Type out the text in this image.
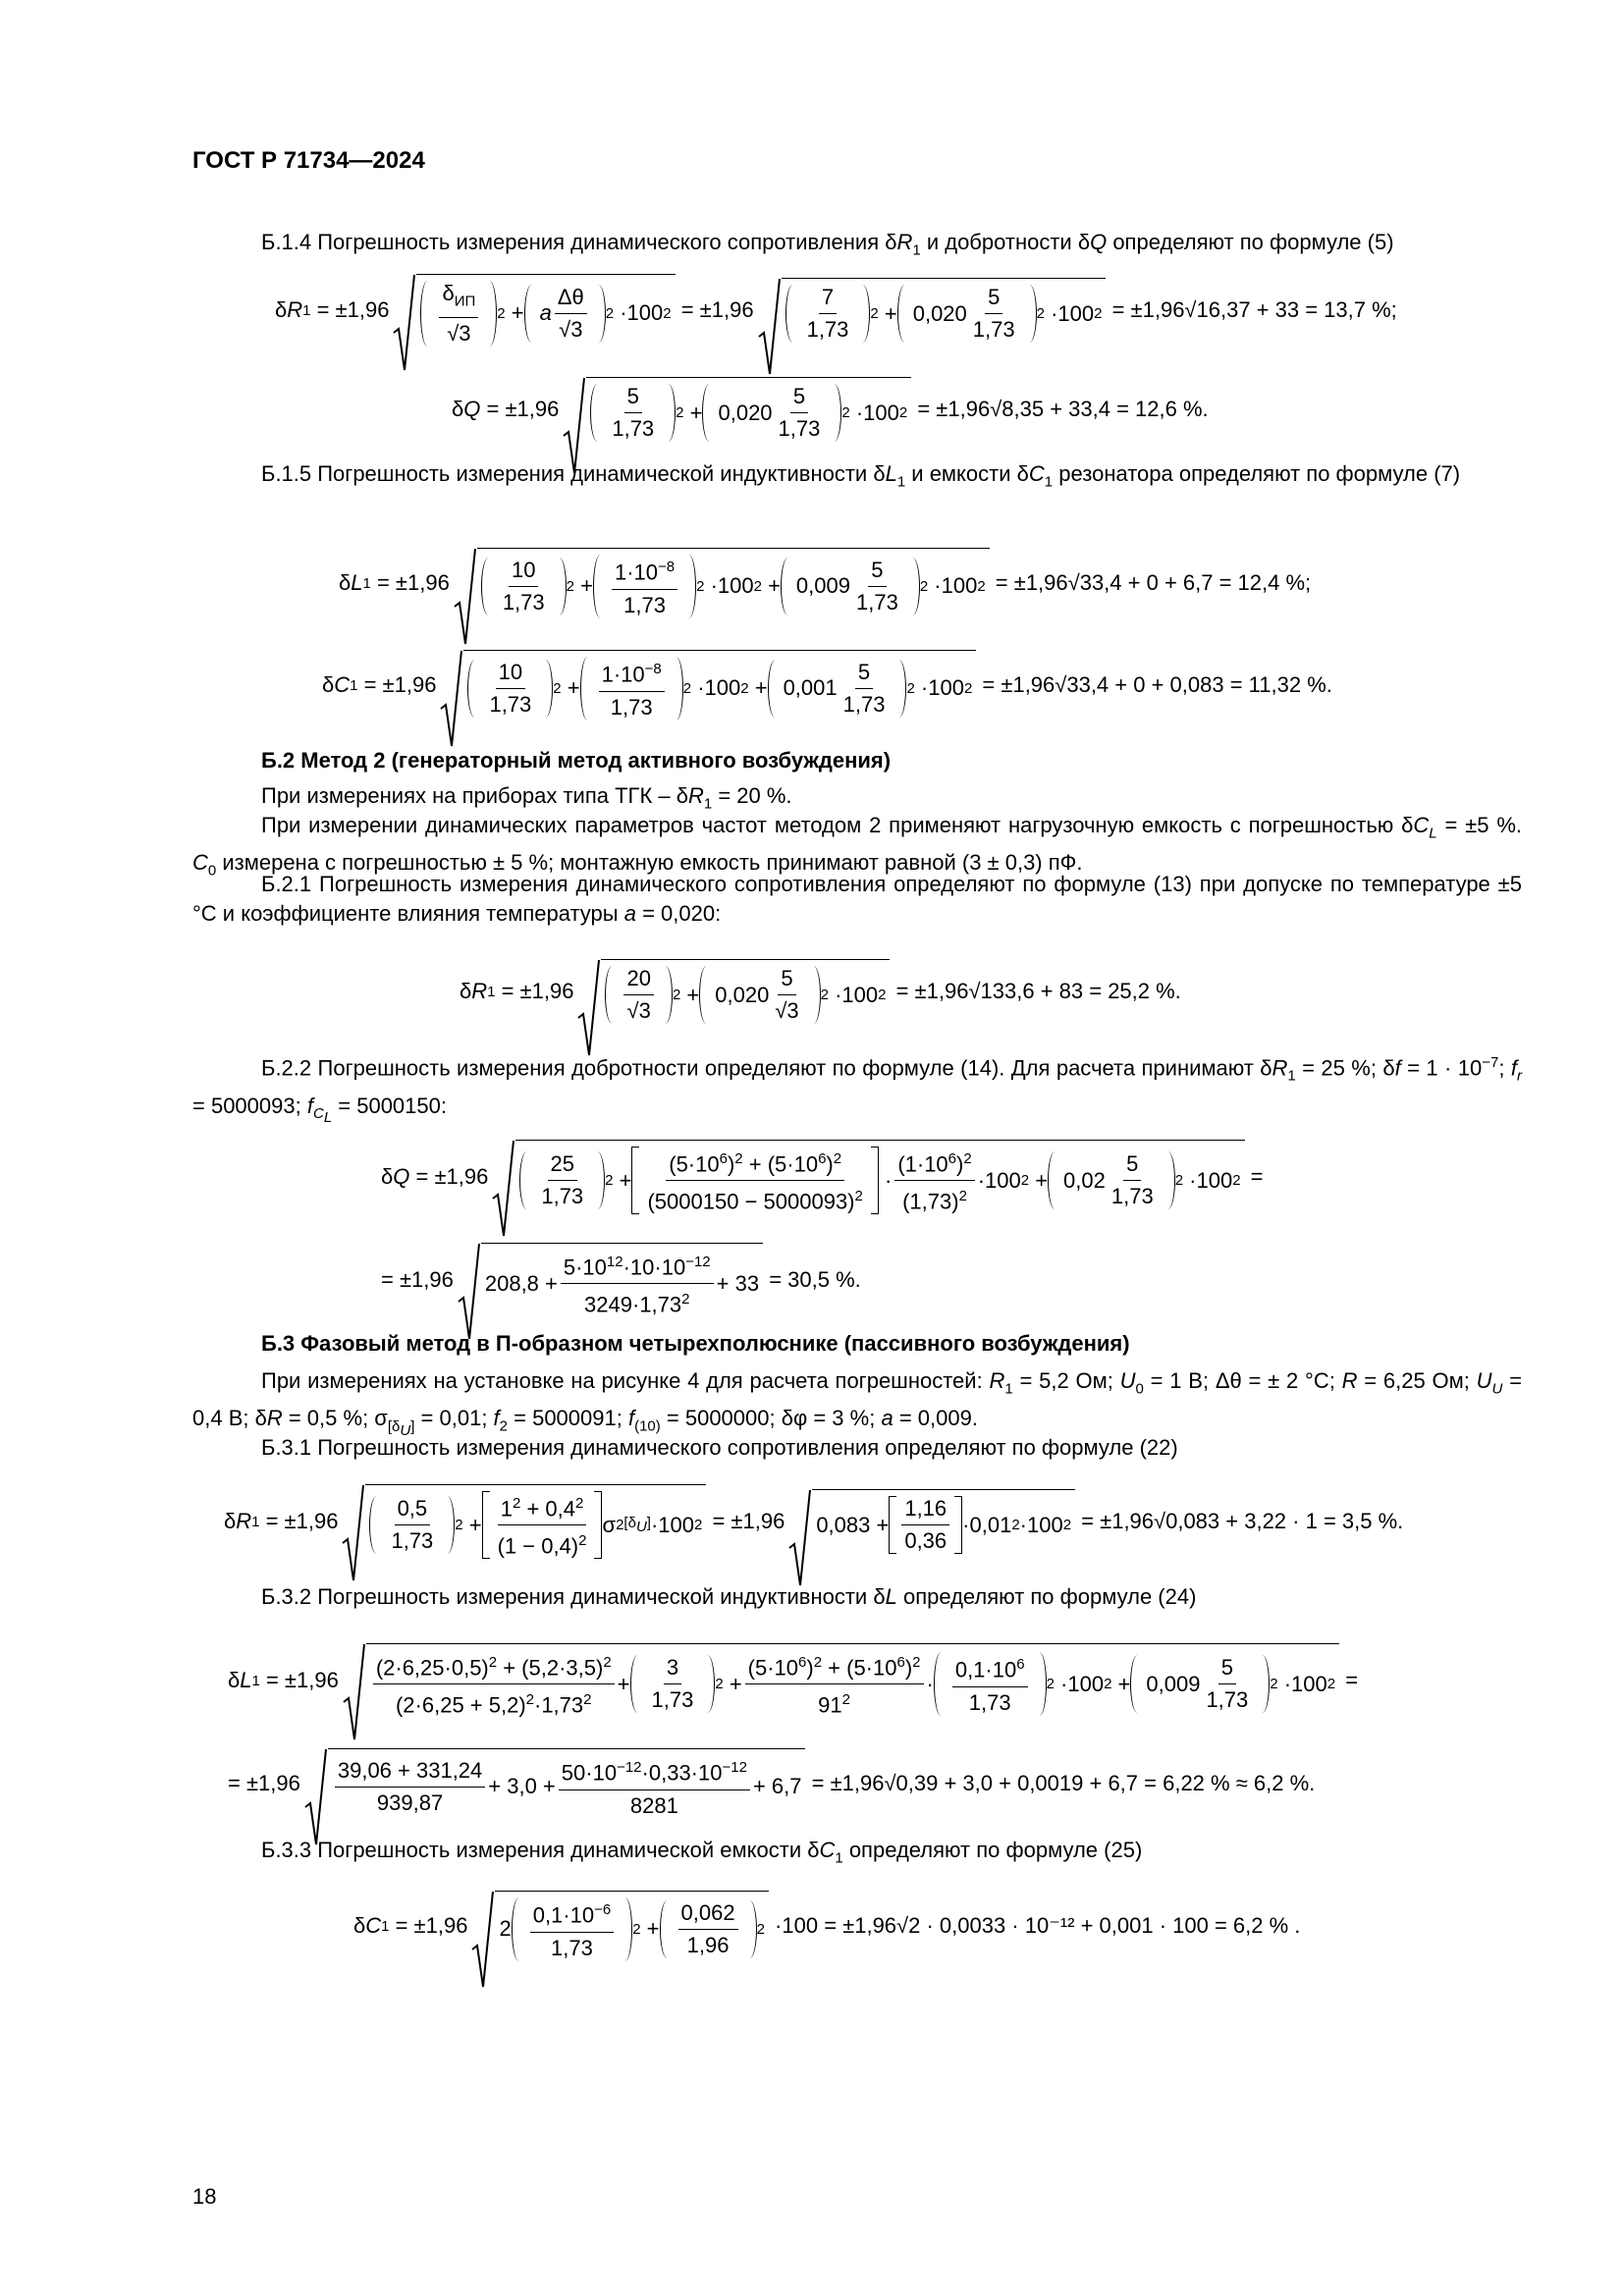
ГОСТ Р 71734—2024
Б.1.4 Погрешность измерения динамического сопротивления $\delta R_1$ и добротности δQ определяют по формуле (5)
δ R 1 = ±1,96
$\delta_{ИП}$
√3
2 + a
Δθ
√3
2 ·100 2 = ±1,96
7
1,73
2 + 0,020
5
1,73
2 ·100 2
= ±1,96√16,37 + 33 = 13,7 %;
δ Q = ±1,96
5
1,73
2 + 0,020
5
1,73
2 ·100 2
= ±1,96√8,35 + 33,4 = 12,6 %.
Б.1.5 Погрешность измерения динамической индуктивности $\delta L_1$ и емкости $\delta C_1$ резонатора определяют по формуле (7)
δ L 1 = ±1,96
10
1,73
2 +
$1\cdot 10^{-8}$
1,73
2 ·100 2 + 0,009
5
1,73
2 ·100 2
= ±1,96√33,4 + 0 + 6,7 = 12,4 %;
δ C 1 = ±1,96
10
1,73
2 +
$1\cdot 10^{-8}$
1,73
2 ·100 2 + 0,001
5
1,73
2 ·100 2
= ±1,96√33,4 + 0 + 0,083 = 11,32 %.
Б.2 Метод 2 (генераторный метод активного возбуждения)
При измерениях на приборах типа ТГК – $\delta R_1 = 20$ %.
При измерении динамических параметров частот методом 2 применяют нагрузочную емкость с погрешностью $\delta C_L = \pm 5$ %. $C_0$ измерена с погрешностью ± 5 %; монтажную емкость принимают равной (3 ± 0,3) пФ.
Б.2.1 Погрешность измерения динамического сопротивления определяют по формуле (13) при допуске по температуре ±5 °С и коэффициенте влияния температуры a = 0,020:
δ R 1 = ±1,96
20
√3
2 + 0,020
5
√3
2 ·100 2
= ±1,96√133,6 + 83 = 25,2 %.
Б.2.2 Погрешность измерения добротности определяют по формуле (14). Для расчета принимают $\delta R_1 = 25$ %; $\delta f = 1 \cdot 10^{-7}$; $f_r = 5000093$; $f_{C_L} = 5000150$:
δ Q = ±1,96
25
1,73
2 +
$(5\cdot 10^6)^2 + (5\cdot 10^6)^2$
$(5000150 - 5000093)^2$
·
$(1\cdot 10^6)^2$
$(1,73)^2$
·100 2 + 0,02
5
1,73
2 ·100 2 =
= ±1,96 208,8 +
$5\cdot 10^{12}\cdot 10\cdot 10^{-12}$
$3249\cdot 1,73^2$
+ 33
= 30,5 %.
Б.3 Фазовый метод в П-образном четырехполюснике (пассивного возбуждения)
При измерениях на установке на рисунке 4 для расчета погрешностей: $R_1 = 5,2$ Ом; $U_0 = 1$ В; Δθ = ± 2 °С; R = 6,25 Ом; $U_U = 0,4$ В; δR = 0,5 %; $\sigma_{[\delta_U]} = 0,01$; $f_2 = 5000091$; $f_{(10)} = 5000000$; δφ = 3 %; a = 0,009.
Б.3.1 Погрешность измерения динамического сопротивления определяют по формуле (22)
δ R 1 = ±1,96
0,5
1,73
2 +
$1^2 + 0,4^2$
$(1 - 0,4)^2$
σ 2 $[\delta_U] \cdot 100$ 2 = ±1,96 0,083 +
1,16
0,36
·0,01 2 ·100 2
= ±1,96√0,083 + 3,22 · 1 = 3,5 %.
Б.3.2 Погрешность измерения динамической индуктивности δL определяют по формуле (24)
δ L 1 = ±1,96
$(2\cdot 6,25\cdot 0,5)^2 + (5,2\cdot 3,5)^2$
$(2\cdot 6,25 + 5,2)^2\cdot 1,73^2$
+
3
1,73
2 +
$(5\cdot 10^6)^2 + (5\cdot 10^6)^2$
$91^2$
·
$0,1\cdot 10^6$
1,73
2 ·100 2 + 0,009
5
1,73
2 ·100 2 =
= ±1,96
39,06 + 331,24
939,87
+ 3,0 +
$50\cdot 10^{-12}\cdot 0,33\cdot 10^{-12}$
8281
+ 6,7
= ±1,96√0,39 + 3,0 + 0,0019 + 6,7 = 6,22 % ≈ 6,2 %.
Б.3.3 Погрешность измерения динамической емкости $\delta C_1$ определяют по формуле (25)
δ C 1 = ±1,96 2
$0,1\cdot 10^{-6}$
1,73
2 +
0,062
1,96
2 ·100 = ±1,96√2 · 0,0033 · 10⁻¹² + 0,001 · 100 = 6,2 % .
18
